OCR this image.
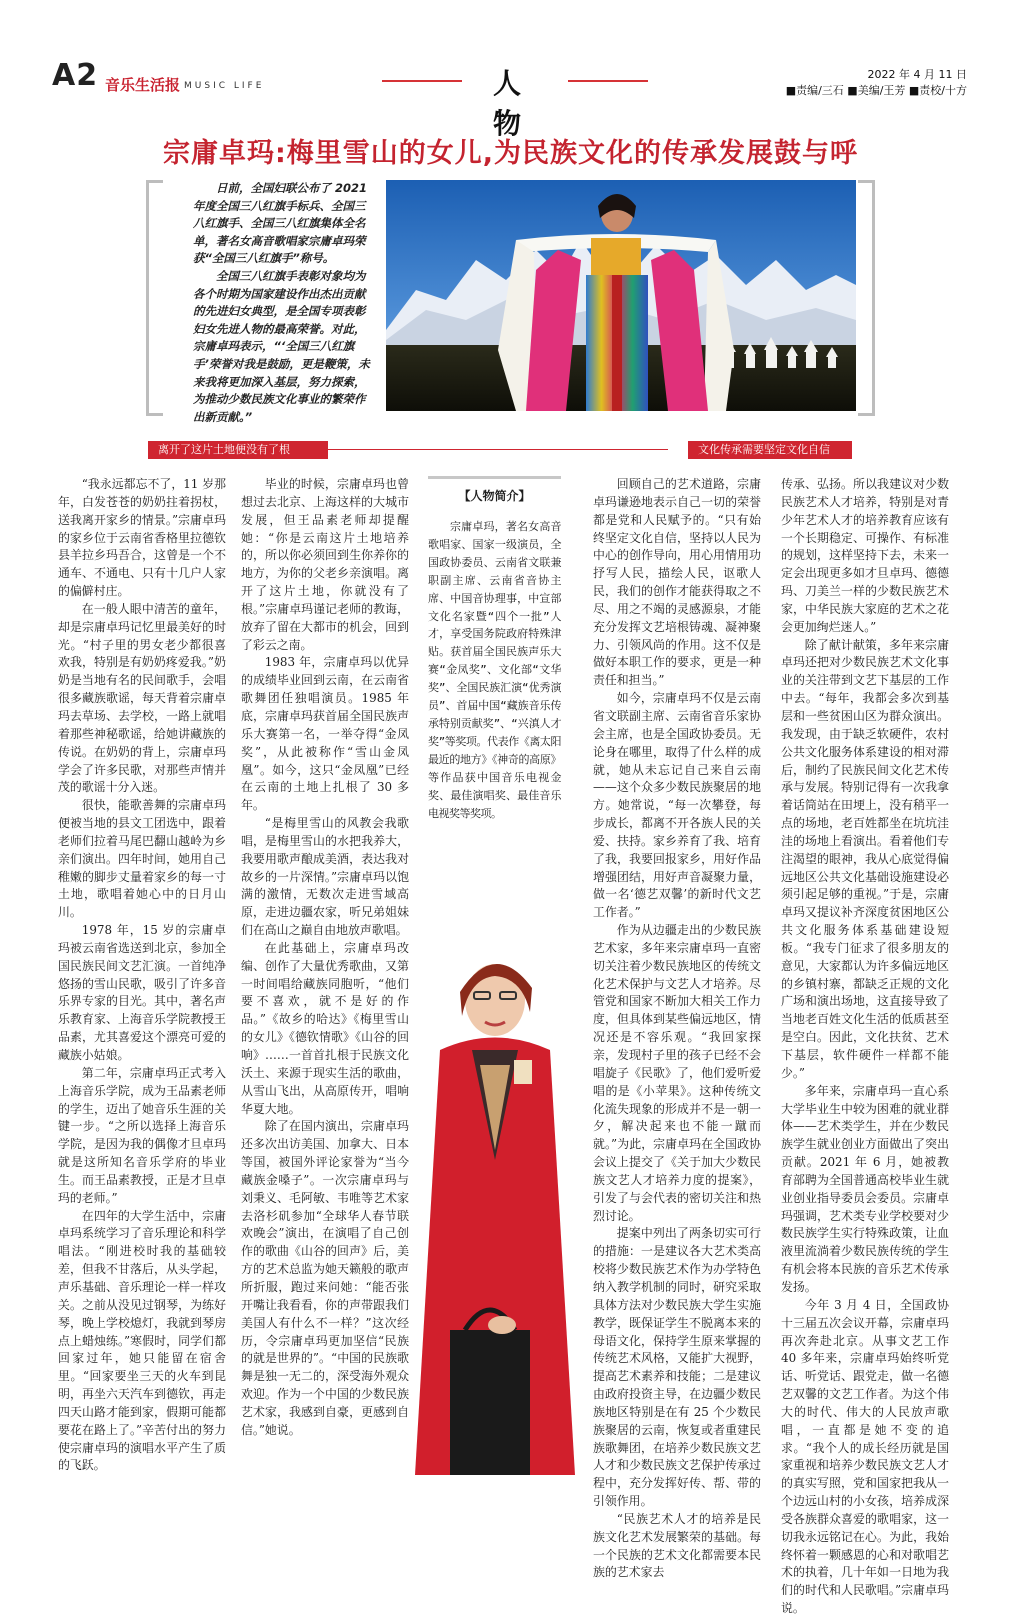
A2 音乐生活报 MUSIC LIFE	人 物
2022 年 4 月 11 日
■责编/三石 ■美编/王芳 ■责校/十方
宗庸卓玛:梅里雪山的女儿,为民族文化的传承发展鼓与呼

日前，全国妇联公布了 2021 年度全国三八红旗手标兵、全国三八红旗手、全国三八红旗集体全名单，著名女高音歌唱家宗庸卓玛荣获“全国三八红旗手”称号。

全国三八红旗手表彰对象均为各个时期为国家建设作出杰出贡献的先进妇女典型，是全国专项表彰妇女先进人物的最高荣誉。对此，宗庸卓玛表示，“‘全国三八红旗手’荣誉对我是鼓励，更是鞭策，未来我将更加深入基层，努力探索，为推动少数民族文化事业的繁荣作出新贡献。”

离开了这片土地便没有了根	文化传承需要坚定文化自信

“我永远都忘不了，11 岁那年，白发苍苍的奶奶拄着拐杖，送我离开家乡的情景。”宗庸卓玛的家乡位于云南省香格里拉德钦县羊拉乡玛吾合，这曾是一个不通车、不通电、只有十几户人家的偏僻村庄。

在一般人眼中清苦的童年，却是宗庸卓玛记忆里最美好的时光。“村子里的男女老少都很喜欢我，特别是有奶奶疼爱我。”奶奶是当地有名的民间歌手，会唱很多藏族歌谣，每天背着宗庸卓玛去草场、去学校，一路上就唱着那些神秘歌谣，给她讲藏族的传说。在奶奶的背上，宗庸卓玛学会了许多民歌，对那些声情并茂的歌谣十分入迷。

很快，能歌善舞的宗庸卓玛便被当地的县文工团选中，跟着老师们拉着马尾巴翻山越岭为乡亲们演出。四年时间，她用自己稚嫩的脚步丈量着家乡的每一寸土地，歌唱着她心中的日月山川。

1978 年，15 岁的宗庸卓玛被云南省选送到北京，参加全国民族民间文艺汇演。一首纯净悠扬的雪山民歌，吸引了许多音乐界专家的目光。其中，著名声乐教育家、上海音乐学院教授王品素，尤其喜爱这个漂亮可爱的藏族小姑娘。

第二年，宗庸卓玛正式考入上海音乐学院，成为王品素老师的学生，迈出了她音乐生涯的关键一步。“之所以选择上海音乐学院，是因为我的偶像才旦卓玛就是这所知名音乐学府的毕业生。而王品素教授，正是才旦卓玛的老师。”

在四年的大学生活中，宗庸卓玛系统学习了音乐理论和科学唱法。“刚进校时我的基础较差，但我不甘落后，从头学起，声乐基础、音乐理论一样一样攻关。之前从没见过钢琴，为练好琴，晚上学校熄灯，我就到琴房点上蜡烛练。”寒假时，同学们都回家过年，她只能留在宿舍里。“回家要坐三天的火车到昆明，再坐六天汽车到德钦，再走四天山路才能到家，假期可能都要花在路上了。”辛苦付出的努力使宗庸卓玛的演唱水平产生了质的飞跃。

毕业的时候，宗庸卓玛也曾想过去北京、上海这样的大城市发展，但王品素老师却提醒她：“你是云南这片土地培养的，所以你必须回到生你养你的地方，为你的父老乡亲演唱。离开了这片土地，你就没有了根。”宗庸卓玛谨记老师的教诲，放弃了留在大都市的机会，回到了彩云之南。

1983 年，宗庸卓玛以优异的成绩毕业回到云南，在云南省歌舞团任独唱演员。1985 年底，宗庸卓玛获首届全国民族声乐大赛第一名，一举夺得“金凤奖”，从此被称作“雪山金凤凰”。如今，这只“金凤凰”已经在云南的土地上扎根了 30 多年。

“是梅里雪山的风教会我歌唱，是梅里雪山的水把我养大，我要用歌声酿成美酒，表达我对故乡的一片深情。”宗庸卓玛以饱满的激情，无数次走进雪域高原，走进边疆农家，听兄弟姐妹们在高山之巅自由地放声歌唱。

在此基础上，宗庸卓玛改编、创作了大量优秀歌曲，又第一时间唱给藏族同胞听，“他们要不喜欢，就不是好的作品。”《故乡的哈达》《梅里雪山的女儿》《德钦情歌》《山谷的回响》……一首首扎根于民族文化沃土、来源于现实生活的歌曲，从雪山飞出，从高原传开，唱响华夏大地。

除了在国内演出，宗庸卓玛还多次出访美国、加拿大、日本等国，被国外评论家誉为“当今藏族金嗓子”。一次宗庸卓玛与刘秉义、毛阿敏、韦唯等艺术家去洛杉矶参加“全球华人春节联欢晚会”演出，在演唱了自己创作的歌曲《山谷的回声》后，美方的艺术总监为她天籁般的歌声所折服，跑过来问她：“能否张开嘴让我看看，你的声带跟我们美国人有什么不一样？”这次经历，令宗庸卓玛更加坚信“民族的就是世界的”。“中国的民族歌舞是独一无二的，深受海外观众欢迎。作为一个中国的少数民族艺术家，我感到自豪，更感到自信。”她说。

【人物简介】

宗庸卓玛，著名女高音歌唱家、国家一级演员，全国政协委员、云南省文联兼职副主席、云南省音协主席、中国音协理事，中宣部文化名家暨“四个一批”人才，享受国务院政府特殊津贴。获首届全国民族声乐大赛“金凤奖”、文化部“文华奖”、全国民族汇演“优秀演员”、首届中国“藏族音乐传承特别贡献奖”、“兴滇人才奖”等奖项。代表作《离太阳最近的地方》《神奇的高原》等作品获中国音乐电视金奖、最佳演唱奖、最佳音乐电视奖等奖项。

回顾自己的艺术道路，宗庸卓玛谦逊地表示自己一切的荣誉都是党和人民赋予的。“只有始终坚定文化自信，坚持以人民为中心的创作导向，用心用情用功抒写人民，描绘人民，讴歌人民，我们的创作才能获得取之不尽、用之不竭的灵感源泉，才能充分发挥文艺培根铸魂、凝神聚力、引领风尚的作用。这不仅是做好本职工作的要求，更是一种责任和担当。”

如今，宗庸卓玛不仅是云南省文联副主席、云南省音乐家协会主席，也是全国政协委员。无论身在哪里，取得了什么样的成就，她从未忘记自己来自云南——这个众多少数民族聚居的地方。她常说，“每一次攀登，每步成长，都离不开各族人民的关爱、扶持。家乡养育了我、培育了我，我要回报家乡，用好作品增强团结，用好声音凝聚力量，做一名‘德艺双馨’的新时代文艺工作者。”

作为从边疆走出的少数民族艺术家，多年来宗庸卓玛一直密切关注着少数民族地区的传统文化艺术保护与文艺人才培养。尽管党和国家不断加大相关工作力度，但具体到某些偏远地区，情况还是不容乐观。“我回家探亲，发现村子里的孩子已经不会唱旋子《民歌》了，他们爱听爱唱的是《小苹果》。这种传统文化流失现象的形成并不是一朝一夕，解决起来也不能一蹴而就。”为此，宗庸卓玛在全国政协会议上提交了《关于加大少数民族文艺人才培养力度的提案》，引发了与会代表的密切关注和热烈讨论。

提案中列出了两条切实可行的措施：一是建议各大艺术类高校将少数民族艺术作为办学特色纳入教学机制的同时，研究采取具体方法对少数民族大学生实施教学，既保证学生不脱离本来的母语文化，保持学生原来掌握的传统艺术风格，又能扩大视野，提高艺术素养和技能；二是建议由政府投资主导，在边疆少数民族地区特别是在有 25 个少数民族聚居的云南，恢复或者重建民族歌舞团，在培养少数民族文艺人才和少数民族文艺保护传承过程中，充分发挥好传、帮、带的引领作用。

“民族艺术人才的培养是民族文化艺术发展繁荣的基础。每一个民族的艺术文化都需要本民族的艺术家去

传承、弘扬。所以我建议对少数民族艺术人才培养，特别是对青少年艺术人才的培养教育应该有一个长期稳定、可操作、有标准的规划，这样坚持下去，未来一定会出现更多如才旦卓玛、德德玛、刀美兰一样的少数民族艺术家，中华民族大家庭的艺术之花会更加绚烂迷人。”

除了献计献策，多年来宗庸卓玛还把对少数民族艺术文化事业的关注带到文艺下基层的工作中去。“每年，我都会多次到基层和一些贫困山区为群众演出。我发现，由于缺乏软硬件，农村公共文化服务体系建设的相对滞后，制约了民族民间文化艺术传承与发展。特别记得有一次我拿着话筒站在田埂上，没有稍平一点的场地，老百姓都坐在坑坑洼洼的场地上看演出。看着他们专注渴望的眼神，我从心底觉得偏远地区公共文化基础设施建设必须引起足够的重视。”于是，宗庸卓玛又提议补齐深度贫困地区公共文化服务体系基础建设短板。“我专门征求了很多朋友的意见，大家都认为许多偏远地区的乡镇村寨，都缺乏正规的文化广场和演出场地，这直接导致了当地老百姓文化生活的低质甚至是空白。因此，文化扶贫、艺术下基层，软件硬件一样都不能少。”

多年来，宗庸卓玛一直心系大学毕业生中较为困难的就业群体——艺术类学生，并在少数民族学生就业创业方面做出了突出贡献。2021 年 6 月，她被教育部聘为全国普通高校毕业生就业创业指导委员会委员。宗庸卓玛强调，艺术类专业学校要对少数民族学生实行特殊政策，让血液里流淌着少数民族传统的学生有机会将本民族的音乐艺术传承发扬。

今年 3 月 4 日，全国政协十三届五次会议开幕，宗庸卓玛再次奔赴北京。从事文艺工作 40 多年来，宗庸卓玛始终听党话、听党话、跟党走，做一名德艺双馨的文艺工作者。为这个伟大的时代、伟大的人民放声歌唱，一直都是她不变的追求。“我个人的成长经历就是国家重视和培养少数民族文艺人才的真实写照，党和国家把我从一个边远山村的小女孩，培养成深受各族群众喜爱的歌唱家，这一切我永远铭记在心。为此，我始终怀着一颗感恩的心和对歌唱艺术的执着，几十年如一日地为我们的时代和人民歌唱。”宗庸卓玛说。
